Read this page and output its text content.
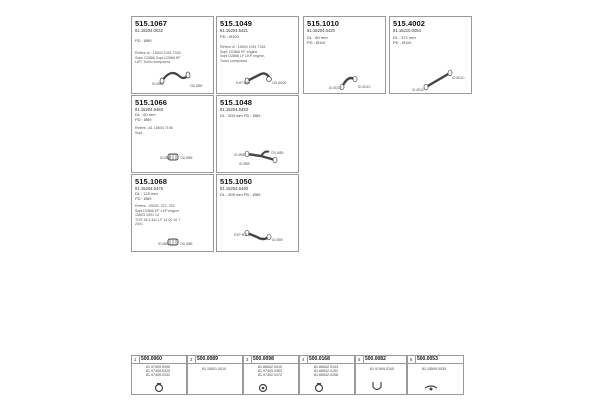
515.1067
81.15204.0032
PD : Ø89
Refers of : 15603 1091 7326
Sopt: D2866 Sopt D2866 EF
LKP, Turbo compound
ID Ø89	OD Ø89
515.1049
81.15204.5421
PD : Ø100
Refers of : 15603 1091 7326
Sopt: D2866 EF engine
Sopt D2866 LF LKP engine,
Turbo compound
EXP Ø89	OD Ø100
515.1010
81.15204.5420
DL : 80 mm
PD : Ø110
ID Ø110	ID Ø110
515.4002
81.15210.0054
DL : 371 mm
PD : Ø110
ID Ø110
ID Ø110
515.1066
81.15204.5493
DL : 60 mm
PD : Ø89
Refers : A1 15604 7196
Sopt
ID Ø89	OD Ø89
515.1048
81.15204.5433
DL : 500 mm PD : Ø89
ID Ø89
ID Ø89
OD Ø89
515.1068
81.15204.5475
DL : 120 mm
PD : Ø89
Refers : 25530, 372, 376
Sopt D2866 EF LKP engine
15603 1091 14
TGS 18.3 4x2 LF 14 00 16 7
2001
ID Ø89	OD Ø89
515.1050
81.15204.5430
DL : 500 mm PD : Ø89
EXP Ø110
ID Ø89
1 500.0060
81.97409.0095
81.97409.0325
81.97409.0332
2 500.0089
81.15501.0010
3 500.0098
81.66542.0010
81.97409.0363
81.97402.0372
4 500.0168
81.66542.0103
81.66542.0152
81.66542.0258
5 500.0082
81.97409.0245
6 500.0053
81.15509.0035
